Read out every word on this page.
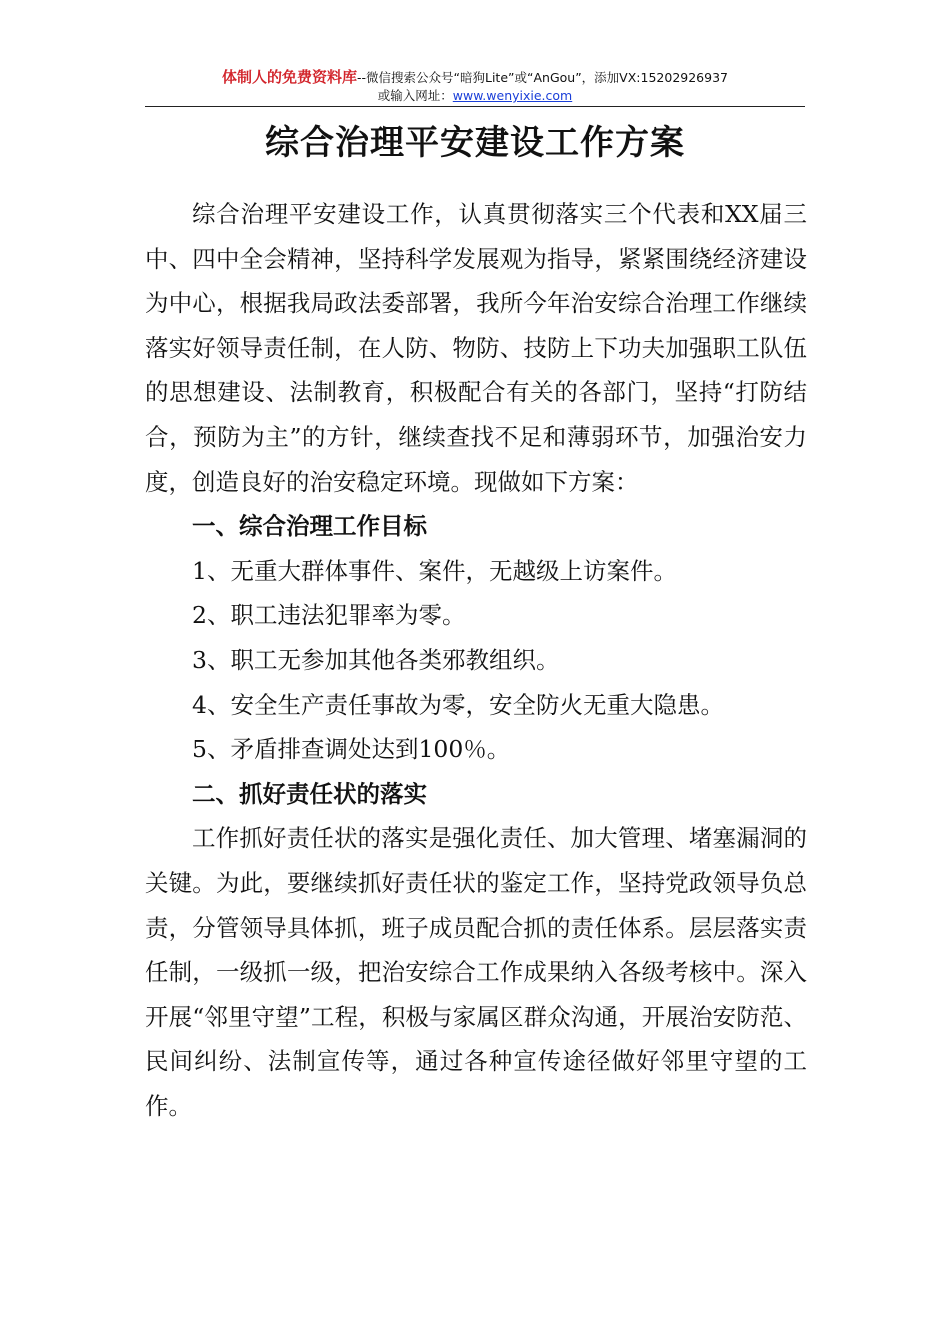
体制人的免费资料库--微信搜索公众号“暗狗Lite”或“AnGou”，添加VX:15202926937
或输入网址：www.wenyixie.com
综合治理平安建设工作方案

综合治理平安建设工作，认真贯彻落实三个代表和XX届三中、四中全会精神，坚持科学发展观为指导，紧紧围绕经济建设为中心，根据我局政法委部署，我所今年治安综合治理工作继续落实好领导责任制，在人防、物防、技防上下功夫加强职工队伍的思想建设、法制教育，积极配合有关的各部门，坚持“打防结合，预防为主”的方针，继续查找不足和薄弱环节，加强治安力度，创造良好的治安稳定环境。现做如下方案：

一、综合治理工作目标

1、无重大群体事件、案件，无越级上访案件。

2、职工违法犯罪率为零。

3、职工无参加其他各类邪教组织。

4、安全生产责任事故为零，安全防火无重大隐患。

5、矛盾排查调处达到100％。

二、抓好责任状的落实

工作抓好责任状的落实是强化责任、加大管理、堵塞漏洞的关键。为此，要继续抓好责任状的鉴定工作，坚持党政领导负总责，分管领导具体抓，班子成员配合抓的责任体系。层层落实责任制，一级抓一级，把治安综合工作成果纳入各级考核中。深入开展“邻里守望”工程，积极与家属区群众沟通，开展治安防范、民间纠纷、法制宣传等，通过各种宣传途径做好邻里守望的工作。
